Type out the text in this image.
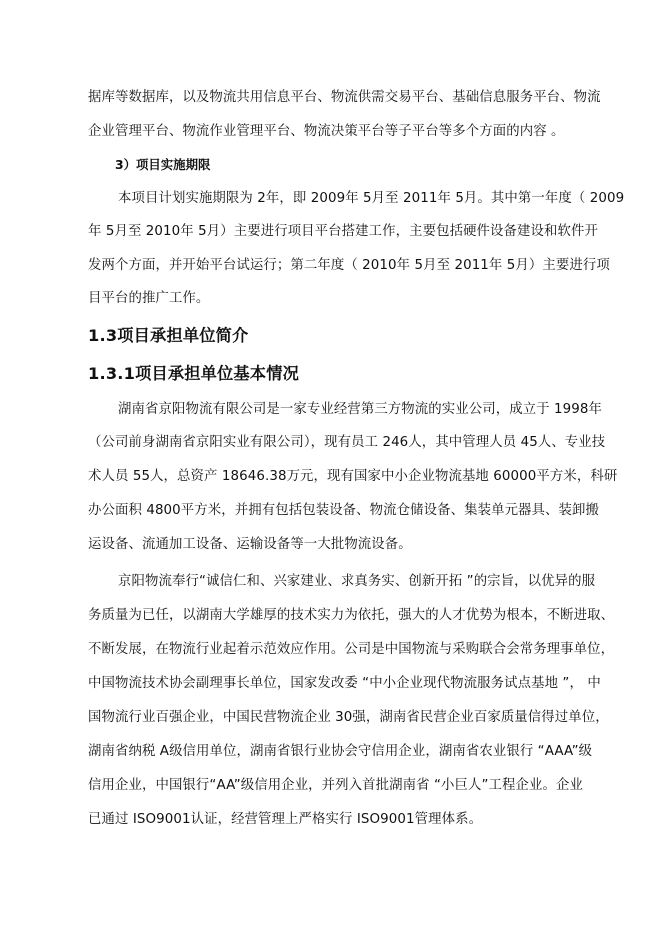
据库等数据库，以及物流共用信息平台、物流供需交易平台、基础信息服务平台、物流
企业管理平台、物流作业管理平台、物流决策平台等子平台等多个方面的内容 。
3）项目实施期限
本项目计划实施期限为 2年，即 2009年 5月至 2011年 5月。其中第一年度（ 2009
年 5月至 2010年 5月）主要进行项目平台搭建工作，主要包括硬件设备建设和软件开
发两个方面，并开始平台试运行；第二年度（ 2010年 5月至 2011年 5月）主要进行项
目平台的推广工作。
1.3项目承担单位简介
1.3.1项目承担单位基本情况
湖南省京阳物流有限公司是一家专业经营第三方物流的实业公司，成立于 1998年
（公司前身湖南省京阳实业有限公司），现有员工 246人，其中管理人员 45人、专业技
术人员 55人，总资产 18646.38万元，现有国家中小企业物流基地 60000平方米，科研
办公面积 4800平方米，并拥有包括包装设备、物流仓储设备、集装单元器具、装卸搬
运设备、流通加工设备、运输设备等一大批物流设备。
京阳物流奉行“诚信仁和、兴家建业、求真务实、创新开拓 ”的宗旨，以优异的服
务质量为已任，以湖南大学雄厚的技术实力为依托，强大的人才优势为根本，不断进取、
不断发展，在物流行业起着示范效应作用。公司是中国物流与采购联合会常务理事单位，
中国物流技术协会副理事长单位，国家发改委 “中小企业现代物流服务试点基地 ”， 中
国物流行业百强企业，中国民营物流企业 30强，湖南省民营企业百家质量信得过单位，
湖南省纳税 A级信用单位，湖南省银行业协会守信用企业，湖南省农业银行 “AAA”级
信用企业，中国银行“AA”级信用企业，并列入首批湖南省 “小巨人”工程企业。企业
已通过 ISO9001认证，经营管理上严格实行 ISO9001管理体系。
